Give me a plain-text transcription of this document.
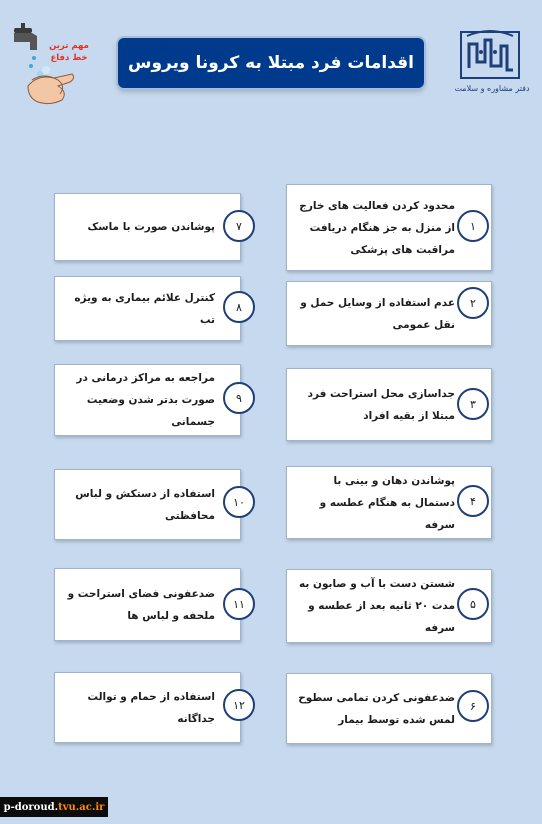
اقدامات فرد مبتلا به کرونا ویروس
دفتر مشاوره و سلامت
مهم ترین
خط دفاع
محدود کردن فعالیت های خارج از منزل به جز هنگام دریافت مراقبت های پزشکی
۱
عدم استفاده از وسایل حمل و نقل عمومی
۲
جداسازی محل استراحت فرد مبتلا از بقیه افراد
۳
پوشاندن دهان و بینی با دستمال به هنگام عطسه و سرفه
۴
شستن دست با آب و صابون به مدت ۲۰ ثانیه بعد از عطسه و سرفه
۵
ضدعفونی کردن تمامی سطوح لمس شده توسط بیمار
۶
پوشاندن صورت با ماسک	۷
کنترل علائم بیماری به ویژه تب
۸
مراجعه به مراکز درمانی در صورت بدتر شدن وضعیت جسمانی
۹
استفاده از دستکش و لباس محافظتی
۱۰
ضدعفونی فضای استراحت و ملحفه و لباس ها
۱۱
استفاده از حمام و توالت جداگانه
۱۲
p-doroud. tvu.ac.ir
